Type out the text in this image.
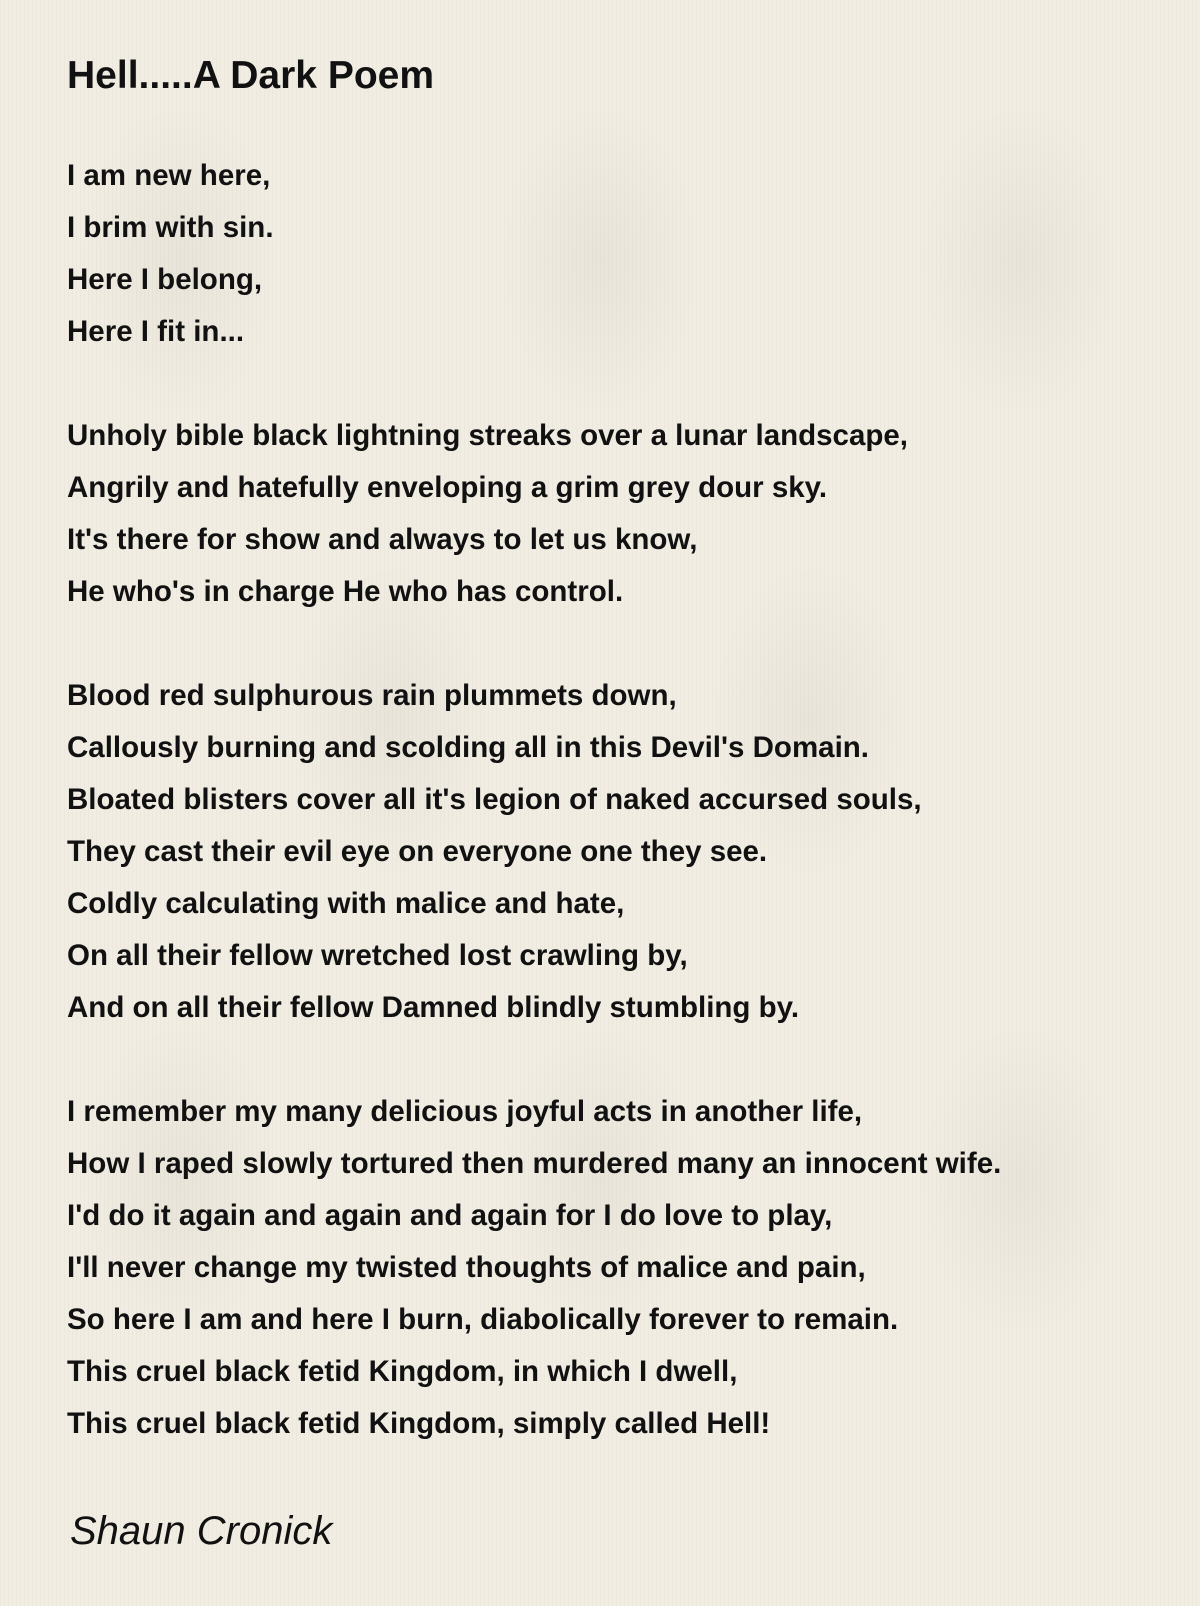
Hell.....A Dark Poem
I am new here,
I brim with sin.
Here I belong,
Here I fit in...
Unholy bible black lightning streaks over a lunar landscape,
Angrily and hatefully enveloping a grim grey dour sky.
It's there for show and always to let us know,
He who's in charge He who has control.
Blood red sulphurous rain plummets down,
Callously burning and scolding all in this Devil's Domain.
Bloated blisters cover all it's legion of naked accursed souls,
They cast their evil eye on everyone one they see.
Coldly calculating with malice and hate,
On all their fellow wretched lost crawling by,
And on all their fellow Damned blindly stumbling by.
I remember my many delicious joyful acts in another life,
How I raped slowly tortured then murdered many an innocent wife.
I'd do it again and again and again for I do love to play,
I'll never change my twisted thoughts of malice and pain,
So here I am and here I burn, diabolically forever to remain.
This cruel black fetid Kingdom, in which I dwell,
This cruel black fetid Kingdom, simply called Hell!
Shaun Cronick
